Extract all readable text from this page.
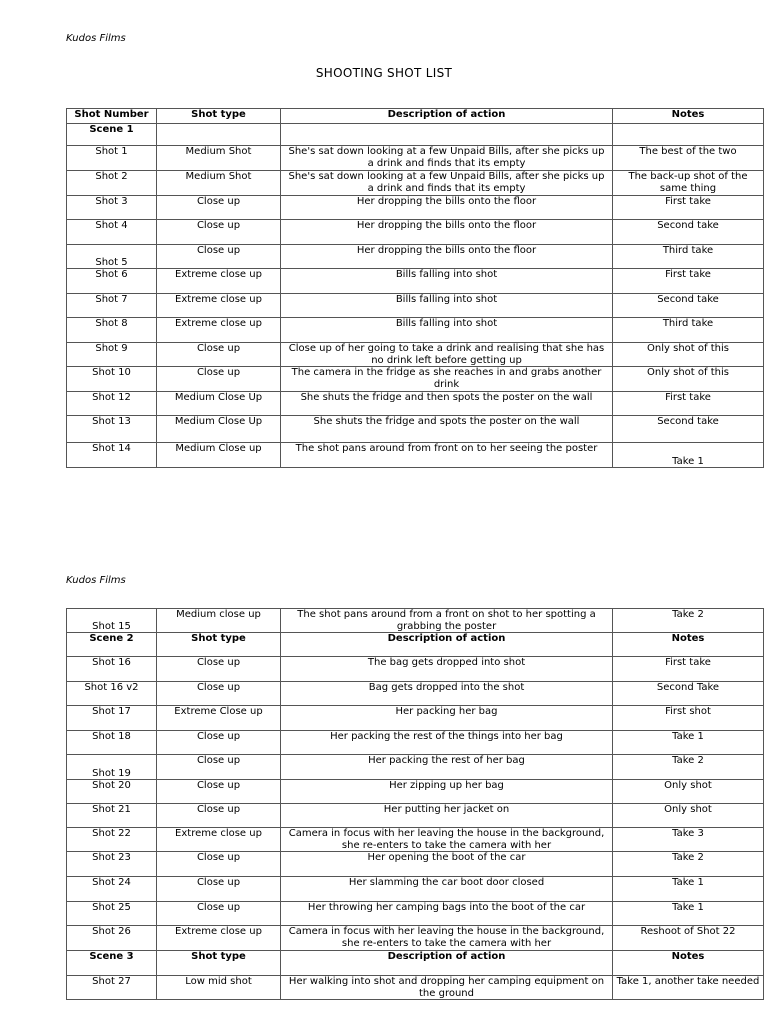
Kudos Films
SHOOTING SHOT LIST
Shot Number	Shot type	Description of action	Notes
Scene 1			
Shot 1	Medium Shot	She's sat down looking at a few Unpaid Bills, after she picks up a drink and finds that its empty	The best of the two
Shot 2	Medium Shot	She's sat down looking at a few Unpaid Bills, after she picks up a drink and finds that its empty	The back-up shot of the same thing
Shot 3	Close up	Her dropping the bills onto the floor	First take
Shot 4	Close up	Her dropping the bills onto the floor	Second take
Shot 5	Close up	Her dropping the bills onto the floor	Third take
Shot 6	Extreme close up	Bills falling into shot	First take
Shot 7	Extreme close up	Bills falling into shot	Second take
Shot 8	Extreme close up	Bills falling into shot	Third take
Shot 9	Close up	Close up of her going to take a drink and realising that she has no drink left before getting up	Only shot of this
Shot 10	Close up	The camera in the fridge as she reaches in and grabs another drink	Only shot of this
Shot 12	Medium Close Up	She shuts the fridge and then spots the poster on the wall	First take
Shot 13	Medium Close Up	She shuts the fridge and spots the poster on the wall	Second take
Shot 14	Medium Close up	The shot pans around from front on to her seeing the poster	Take 1
Kudos Films
Shot 15	Medium close up	The shot pans around from a front on shot to her spotting a grabbing the poster	Take 2
Scene 2	Shot type	Description of action	Notes
Shot 16	Close up	The bag gets dropped into shot	First take
Shot 16 v2	Close up	Bag gets dropped into the shot	Second Take
Shot 17	Extreme Close up	Her packing her bag	First shot
Shot 18	Close up	Her packing the rest of the things into her bag	Take 1
Shot 19	Close up	Her packing the rest of her bag	Take 2
Shot 20	Close up	Her zipping up her bag	Only shot
Shot 21	Close up	Her putting her jacket on	Only shot
Shot 22	Extreme close up	Camera in focus with her leaving the house in the background, she re-enters to take the camera with her	Take 3
Shot 23	Close up	Her opening the boot of the car	Take 2
Shot 24	Close up	Her slamming the car boot door closed	Take 1
Shot 25	Close up	Her throwing her camping bags into the boot of the car	Take 1
Shot 26	Extreme close up	Camera in focus with her leaving the house in the background, she re-enters to take the camera with her	Reshoot of Shot 22
Scene 3	Shot type	Description of action	Notes
Shot 27	Low mid shot	Her walking into shot and dropping her camping equipment on the ground	Take 1, another take needed
